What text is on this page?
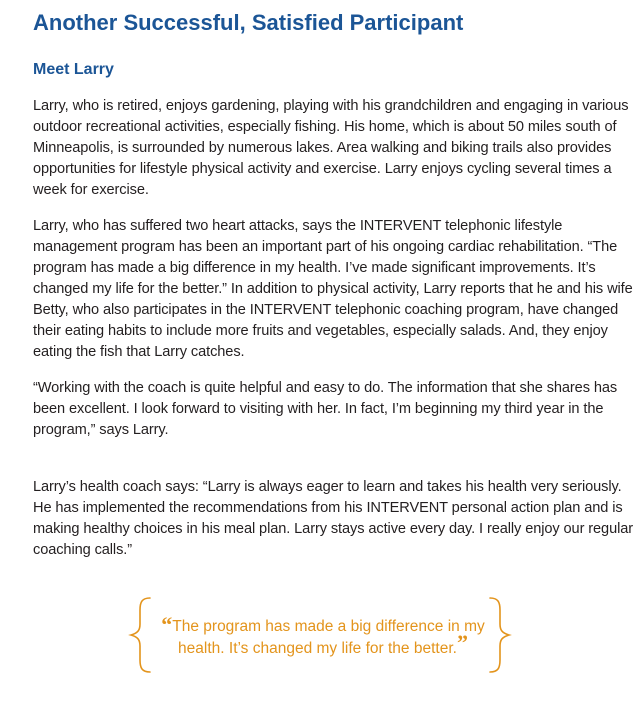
Another Successful, Satisfied Participant
Meet Larry

Larry, who is retired, enjoys gardening, playing with his grandchildren and engaging in various outdoor recreational activities, especially fishing. His home, which is about 50 miles south of Minneapolis, is surrounded by numerous lakes. Area walking and biking trails also provides opportunities for lifestyle physical activity and exercise. Larry enjoys cycling several times a week for exercise.

Larry, who has suffered two heart attacks, says the INTERVENT telephonic lifestyle management program has been an important part of his ongoing cardiac rehabilitation. “The program has made a big difference in my health. I’ve made significant improvements. It’s changed my life for the better.” In addition to physical activity, Larry reports that he and his wife Betty, who also participates in the INTERVENT telephonic coaching program, have changed their eating habits to include more fruits and vegetables, especially salads. And, they enjoy eating the fish that Larry catches.

“Working with the coach is quite helpful and easy to do. The information that she shares has been excellent. I look forward to visiting with her. In fact, I’m beginning my third year in the program,” says Larry.

Larry’s health coach says: “Larry is always eager to learn and takes his health very seriously. He has implemented the recommendations from his INTERVENT personal action plan and is making healthy choices in his meal plan. Larry stays active every day. I really enjoy our regular coaching calls.”

“The program has made a big difference in my health. It’s changed my life for the better.”
